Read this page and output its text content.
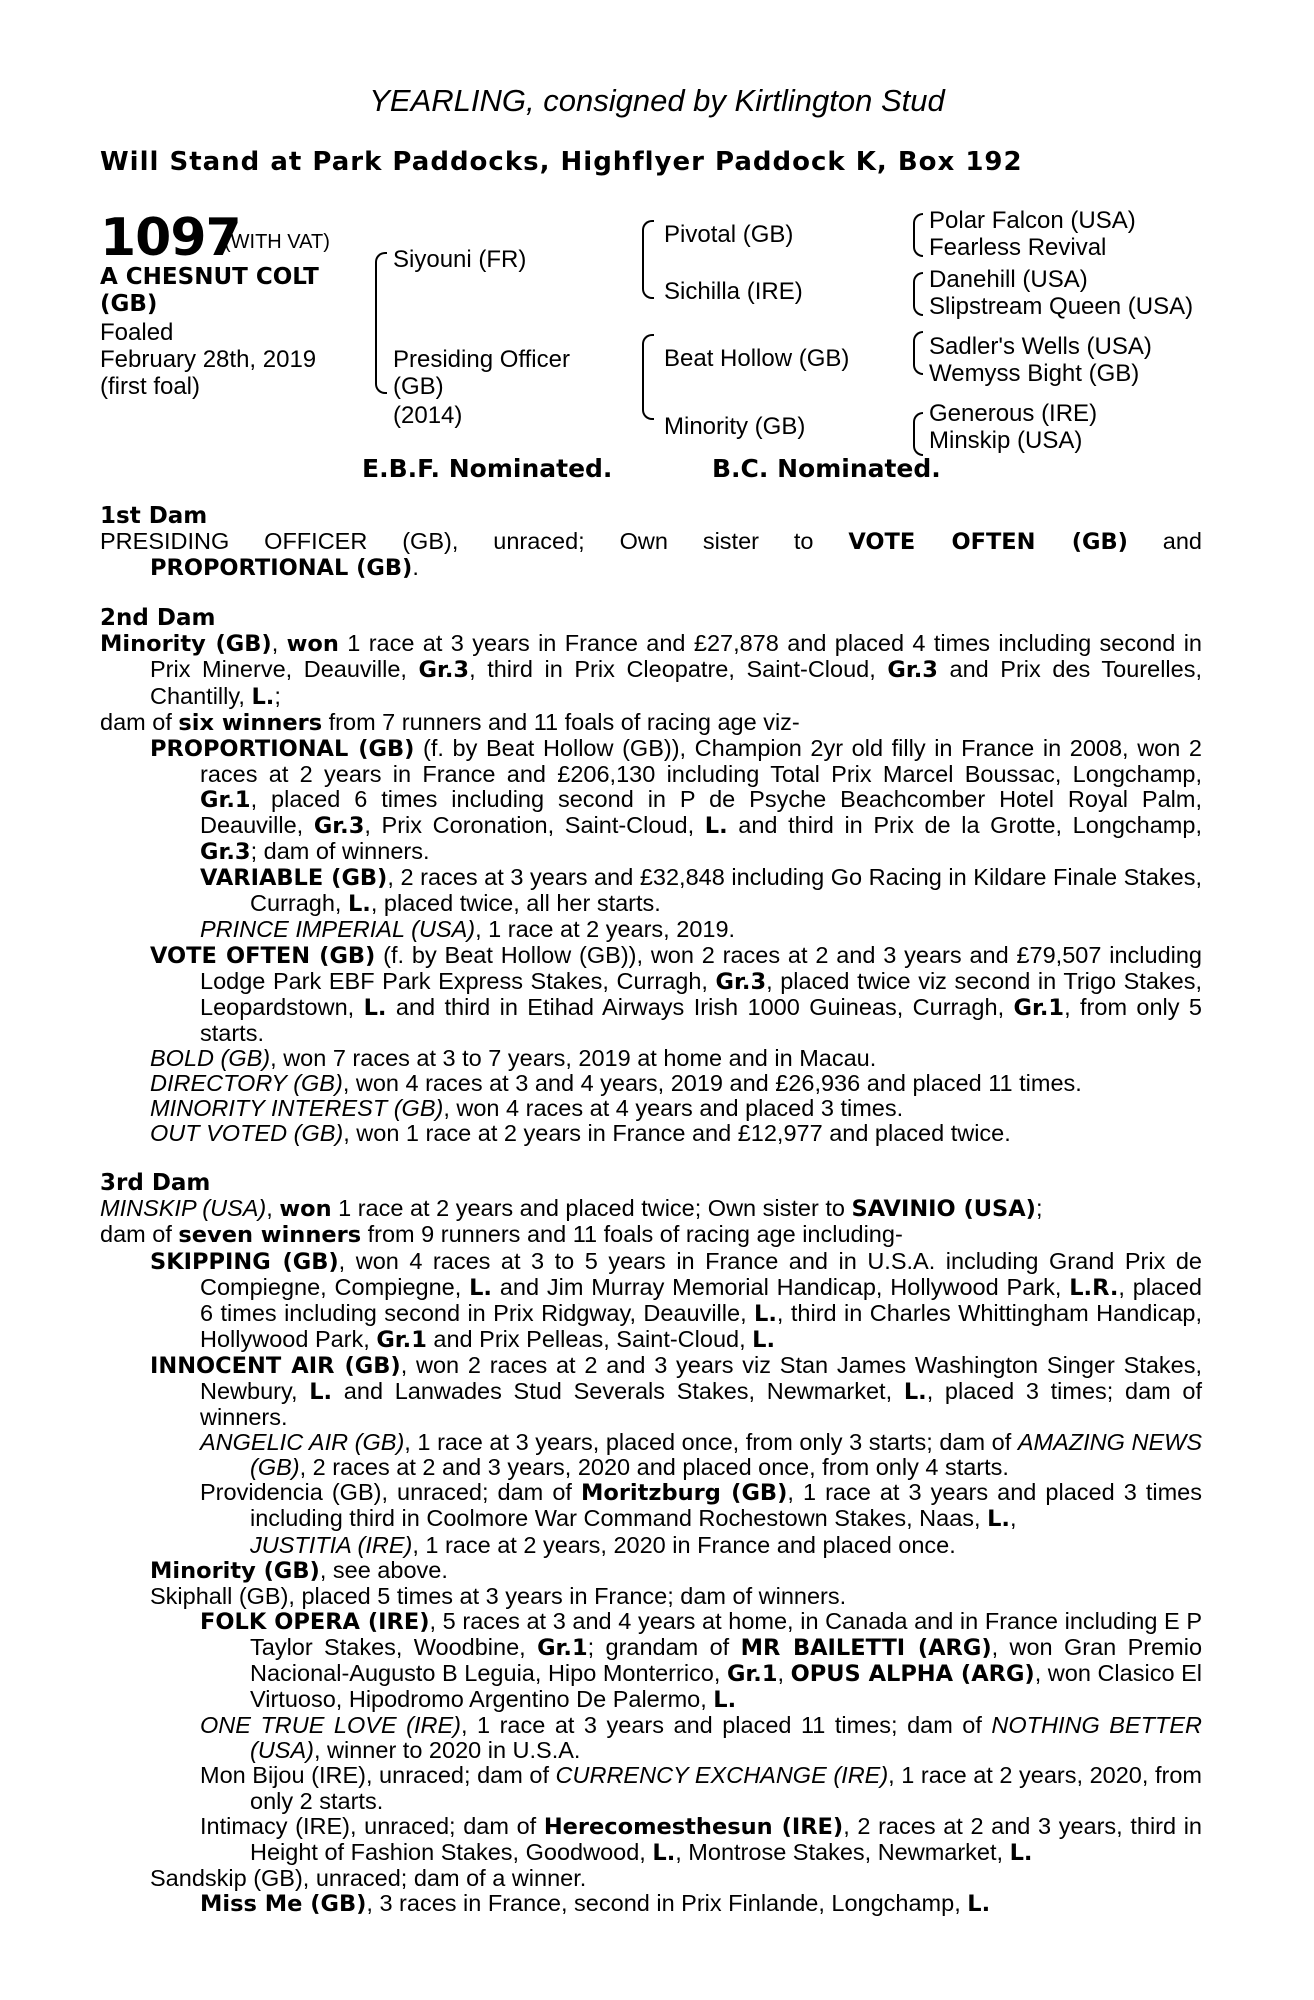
YEARLING, consigned by Kirtlington Stud
Will Stand at Park Paddocks, Highflyer Paddock K, Box 192
1097
(WITH VAT)
A CHESNUT COLT
(GB)
Foaled
February 28th, 2019
(first foal)
Siyouni (FR)
Presiding Officer
(GB)
(2014)
Pivotal (GB)
Sichilla (IRE)
Beat Hollow (GB)
Minority (GB)
Polar Falcon (USA)
Fearless Revival
Danehill (USA)
Slipstream Queen (USA)
Sadler's Wells (USA)
Wemyss Bight (GB)
Generous (IRE)
Minskip (USA)
E.B.F. Nominated.	B.C. Nominated.

1st Dam

PRESIDING OFFICER (GB), unraced; Own sister to VOTE OFTEN (GB) and

PROPORTIONAL (GB).

2nd Dam

Minority (GB), won 1 race at 3 years in France and £27,878 and placed 4 times including second in Prix Minerve, Deauville, Gr.3, third in Prix Cleopatre, Saint-Cloud, Gr.3 and Prix des Tourelles, Chantilly, L.;

dam of six winners from 7 runners and 11 foals of racing age viz-

PROPORTIONAL (GB) (f. by Beat Hollow (GB)), Champion 2yr old filly in France in 2008, won 2 races at 2 years in France and £206,130 including Total Prix Marcel Boussac, Longchamp, Gr.1, placed 6 times including second in P de Psyche Beachcomber Hotel Royal Palm, Deauville, Gr.3, Prix Coronation, Saint-Cloud, L. and third in Prix de la Grotte, Longchamp, Gr.3; dam of winners.

VARIABLE (GB), 2 races at 3 years and £32,848 including Go Racing in Kildare Finale Stakes, Curragh, L., placed twice, all her starts.

PRINCE IMPERIAL (USA), 1 race at 2 years, 2019.

VOTE OFTEN (GB) (f. by Beat Hollow (GB)), won 2 races at 2 and 3 years and £79,507 including Lodge Park EBF Park Express Stakes, Curragh, Gr.3, placed twice viz second in Trigo Stakes, Leopardstown, L. and third in Etihad Airways Irish 1000 Guineas, Curragh, Gr.1, from only 5 starts.

BOLD (GB), won 7 races at 3 to 7 years, 2019 at home and in Macau.

DIRECTORY (GB), won 4 races at 3 and 4 years, 2019 and £26,936 and placed 11 times.

MINORITY INTEREST (GB), won 4 races at 4 years and placed 3 times.

OUT VOTED (GB), won 1 race at 2 years in France and £12,977 and placed twice.

3rd Dam

MINSKIP (USA), won 1 race at 2 years and placed twice; Own sister to SAVINIO (USA);

dam of seven winners from 9 runners and 11 foals of racing age including-

SKIPPING (GB), won 4 races at 3 to 5 years in France and in U.S.A. including Grand Prix de Compiegne, Compiegne, L. and Jim Murray Memorial Handicap, Hollywood Park, L.R., placed 6 times including second in Prix Ridgway, Deauville, L., third in Charles Whittingham Handicap, Hollywood Park, Gr.1 and Prix Pelleas, Saint-Cloud, L.

INNOCENT AIR (GB), won 2 races at 2 and 3 years viz Stan James Washington Singer Stakes, Newbury, L. and Lanwades Stud Severals Stakes, Newmarket, L., placed 3 times; dam of winners.

ANGELIC AIR (GB), 1 race at 3 years, placed once, from only 3 starts; dam of AMAZING NEWS (GB), 2 races at 2 and 3 years, 2020 and placed once, from only 4 starts.

Providencia (GB), unraced; dam of Moritzburg (GB), 1 race at 3 years and placed 3 times including third in Coolmore War Command Rochestown Stakes, Naas, L.,

JUSTITIA (IRE), 1 race at 2 years, 2020 in France and placed once.

Minority (GB), see above.

Skiphall (GB), placed 5 times at 3 years in France; dam of winners.

FOLK OPERA (IRE), 5 races at 3 and 4 years at home, in Canada and in France including E P Taylor Stakes, Woodbine, Gr.1; grandam of MR BAILETTI (ARG), won Gran Premio Nacional-Augusto B Leguia, Hipo Monterrico, Gr.1, OPUS ALPHA (ARG), won Clasico El Virtuoso, Hipodromo Argentino De Palermo, L.

ONE TRUE LOVE (IRE), 1 race at 3 years and placed 11 times; dam of NOTHING BETTER (USA), winner to 2020 in U.S.A.

Mon Bijou (IRE), unraced; dam of CURRENCY EXCHANGE (IRE), 1 race at 2 years, 2020, from only 2 starts.

Intimacy (IRE), unraced; dam of Herecomesthesun (IRE), 2 races at 2 and 3 years, third in Height of Fashion Stakes, Goodwood, L., Montrose Stakes, Newmarket, L.

Sandskip (GB), unraced; dam of a winner.

Miss Me (GB), 3 races in France, second in Prix Finlande, Longchamp, L.
